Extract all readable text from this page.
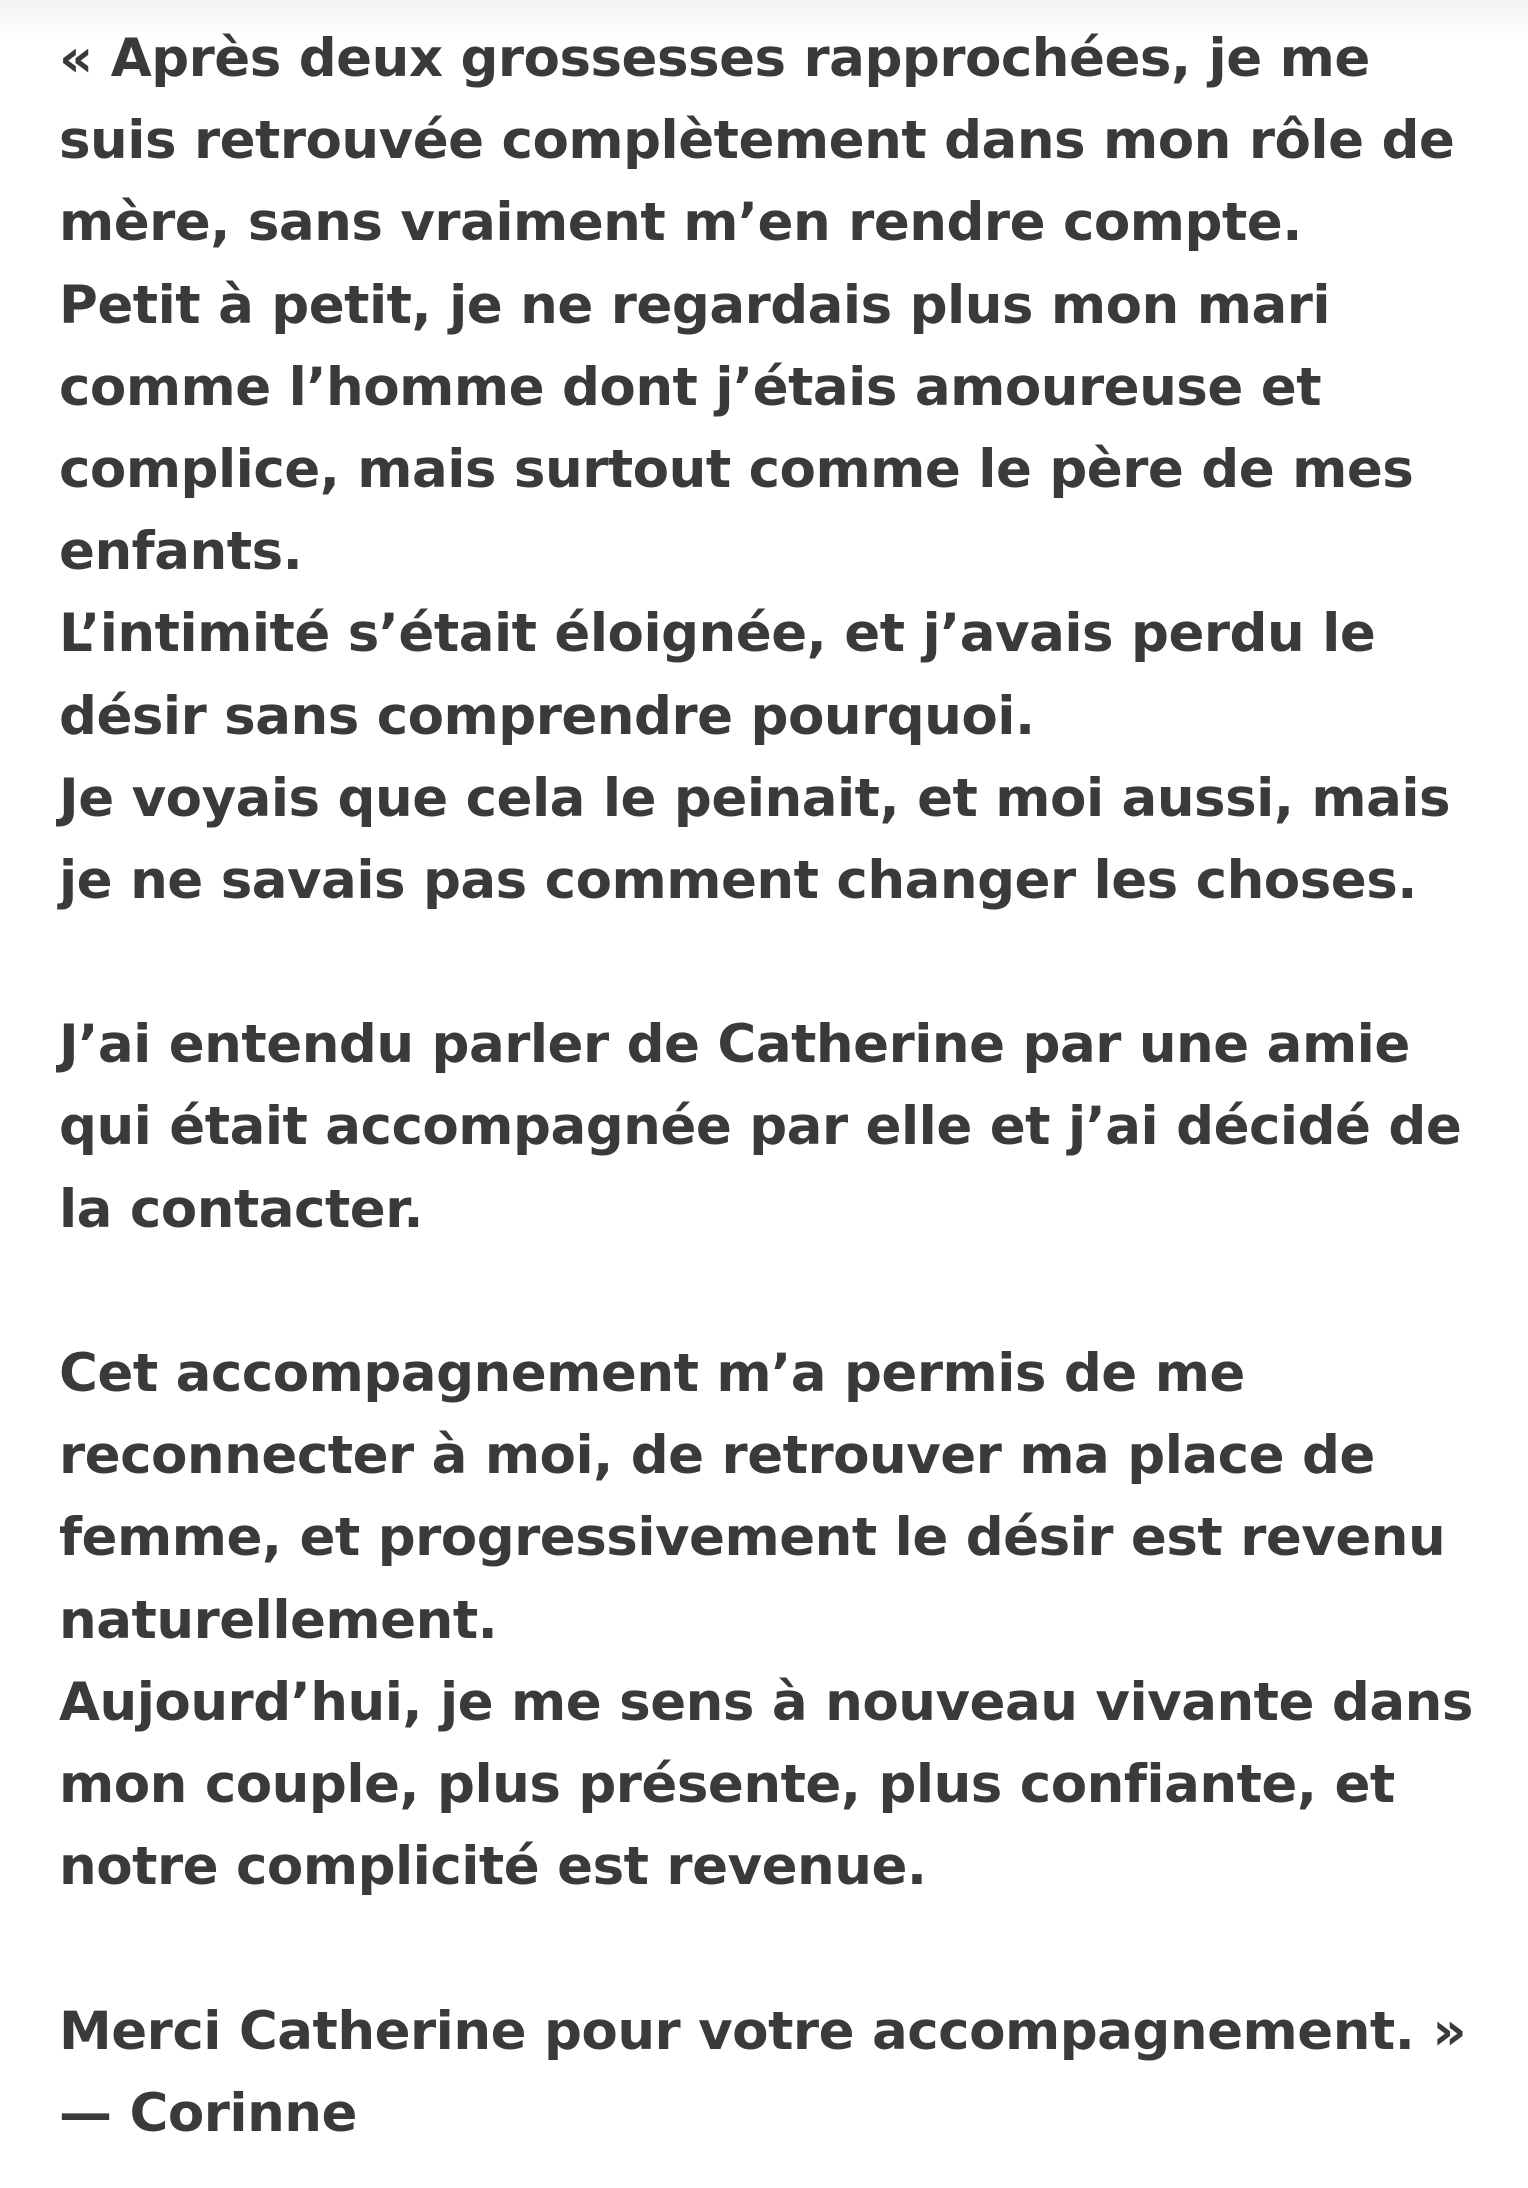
« Après deux grossesses rapprochées, je me
suis retrouvée complètement dans mon rôle de
mère, sans vraiment m’en rendre compte.
Petit à petit, je ne regardais plus mon mari
comme l’homme dont j’étais amoureuse et
complice, mais surtout comme le père de mes
enfants.
L’intimité s’était éloignée, et j’avais perdu le
désir sans comprendre pourquoi.
Je voyais que cela le peinait, et moi aussi, mais
je ne savais pas comment changer les choses.
J’ai entendu parler de Catherine par une amie
qui était accompagnée par elle et j’ai décidé de
la contacter.
Cet accompagnement m’a permis de me
reconnecter à moi, de retrouver ma place de
femme, et progressivement le désir est revenu
naturellement.
Aujourd’hui, je me sens à nouveau vivante dans
mon couple, plus présente, plus confiante, et
notre complicité est revenue.
Merci Catherine pour votre accompagnement. »
— Corinne
